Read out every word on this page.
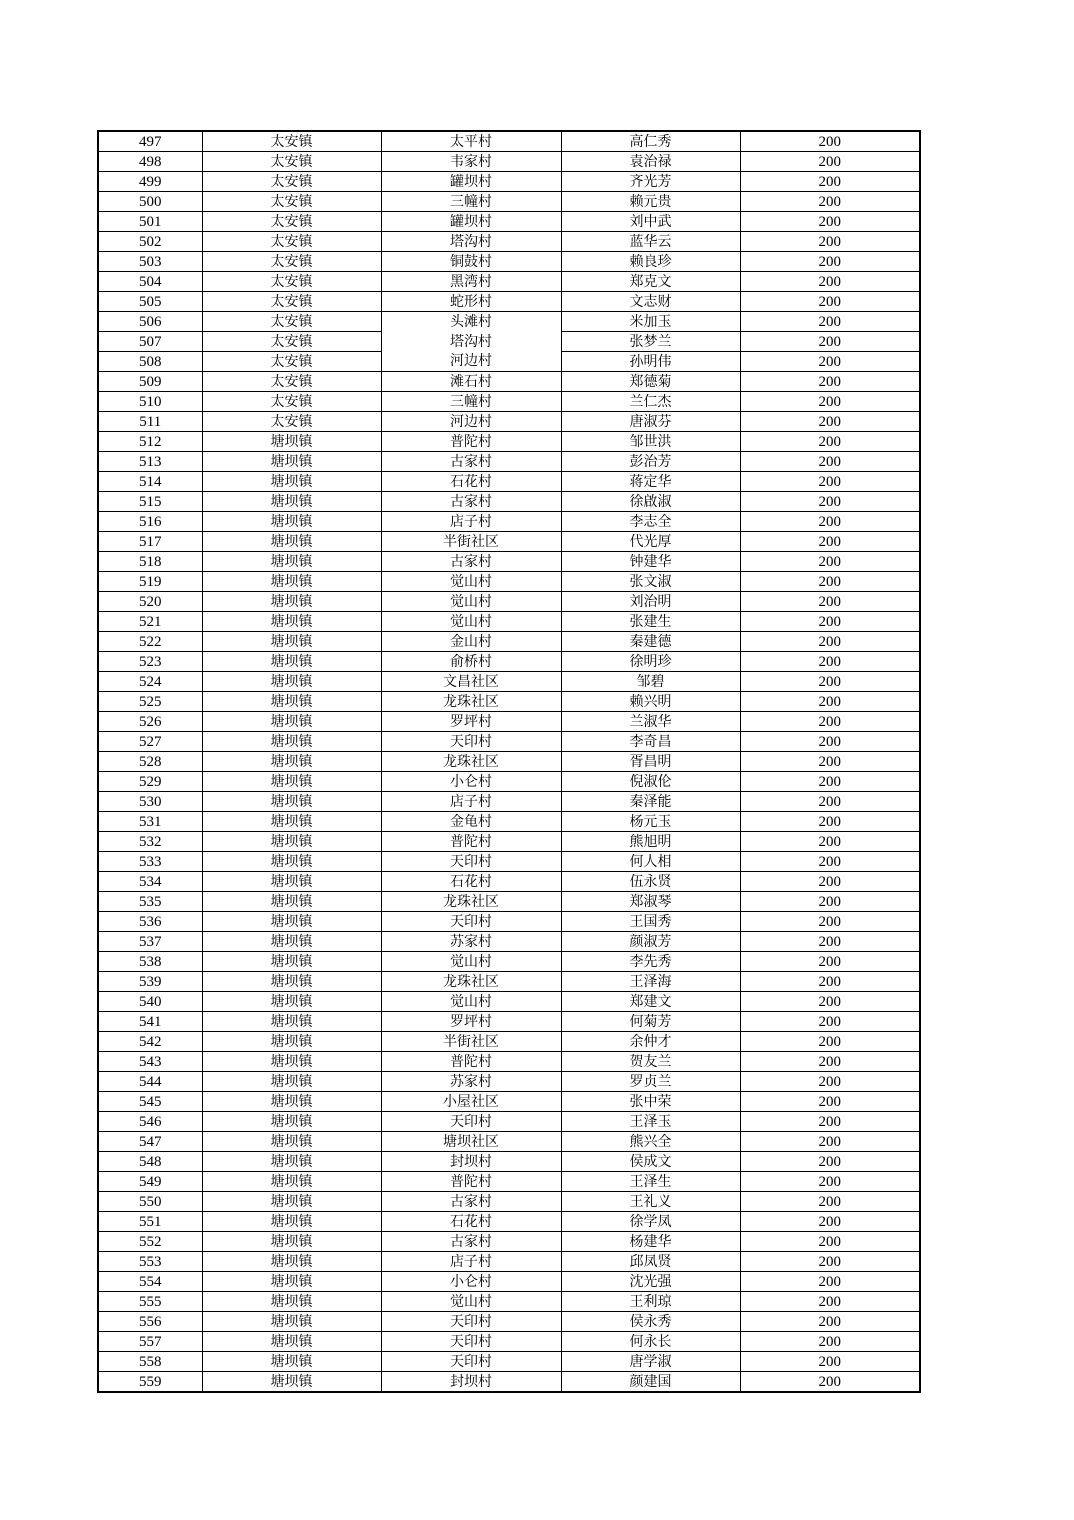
497	太安镇	太平村	高仁秀	200
498	太安镇	韦家村	袁治禄	200
499	太安镇	罐坝村	齐光芳	200
500	太安镇	三幢村	赖元贵	200
501	太安镇	罐坝村	刘中武	200
502	太安镇	塔沟村	蓝华云	200
503	太安镇	铜鼓村	赖良珍	200
504	太安镇	黑湾村	郑克文	200
505	太安镇	蛇形村	文志财	200
506	太安镇	头滩村	米加玉	200
507	太安镇	塔沟村	张梦兰	200
508	太安镇	河边村	孙明伟	200
509	太安镇	滩石村	郑德菊	200
510	太安镇	三幢村	兰仁杰	200
511	太安镇	河边村	唐淑芬	200
512	塘坝镇	普陀村	邹世洪	200
513	塘坝镇	古家村	彭治芳	200
514	塘坝镇	石花村	蒋定华	200
515	塘坝镇	古家村	徐啟淑	200
516	塘坝镇	店子村	李志全	200
517	塘坝镇	半街社区	代光厚	200
518	塘坝镇	古家村	钟建华	200
519	塘坝镇	觉山村	张文淑	200
520	塘坝镇	觉山村	刘治明	200
521	塘坝镇	觉山村	张建生	200
522	塘坝镇	金山村	秦建德	200
523	塘坝镇	俞桥村	徐明珍	200
524	塘坝镇	文昌社区	邹碧	200
525	塘坝镇	龙珠社区	赖兴明	200
526	塘坝镇	罗坪村	兰淑华	200
527	塘坝镇	天印村	李奇昌	200
528	塘坝镇	龙珠社区	胥昌明	200
529	塘坝镇	小仑村	倪淑伦	200
530	塘坝镇	店子村	秦泽能	200
531	塘坝镇	金龟村	杨元玉	200
532	塘坝镇	普陀村	熊旭明	200
533	塘坝镇	天印村	何人相	200
534	塘坝镇	石花村	伍永贤	200
535	塘坝镇	龙珠社区	郑淑琴	200
536	塘坝镇	天印村	王国秀	200
537	塘坝镇	苏家村	颜淑芳	200
538	塘坝镇	觉山村	李先秀	200
539	塘坝镇	龙珠社区	王泽海	200
540	塘坝镇	觉山村	郑建文	200
541	塘坝镇	罗坪村	何菊芳	200
542	塘坝镇	半街社区	余仲才	200
543	塘坝镇	普陀村	贺友兰	200
544	塘坝镇	苏家村	罗贞兰	200
545	塘坝镇	小屋社区	张中荣	200
546	塘坝镇	天印村	王泽玉	200
547	塘坝镇	塘坝社区	熊兴全	200
548	塘坝镇	封坝村	侯成文	200
549	塘坝镇	普陀村	王泽生	200
550	塘坝镇	古家村	王礼义	200
551	塘坝镇	石花村	徐学凤	200
552	塘坝镇	古家村	杨建华	200
553	塘坝镇	店子村	邱凤贤	200
554	塘坝镇	小仑村	沈光强	200
555	塘坝镇	觉山村	王利琼	200
556	塘坝镇	天印村	侯永秀	200
557	塘坝镇	天印村	何永长	200
558	塘坝镇	天印村	唐学淑	200
559	塘坝镇	封坝村	颜建国	200
